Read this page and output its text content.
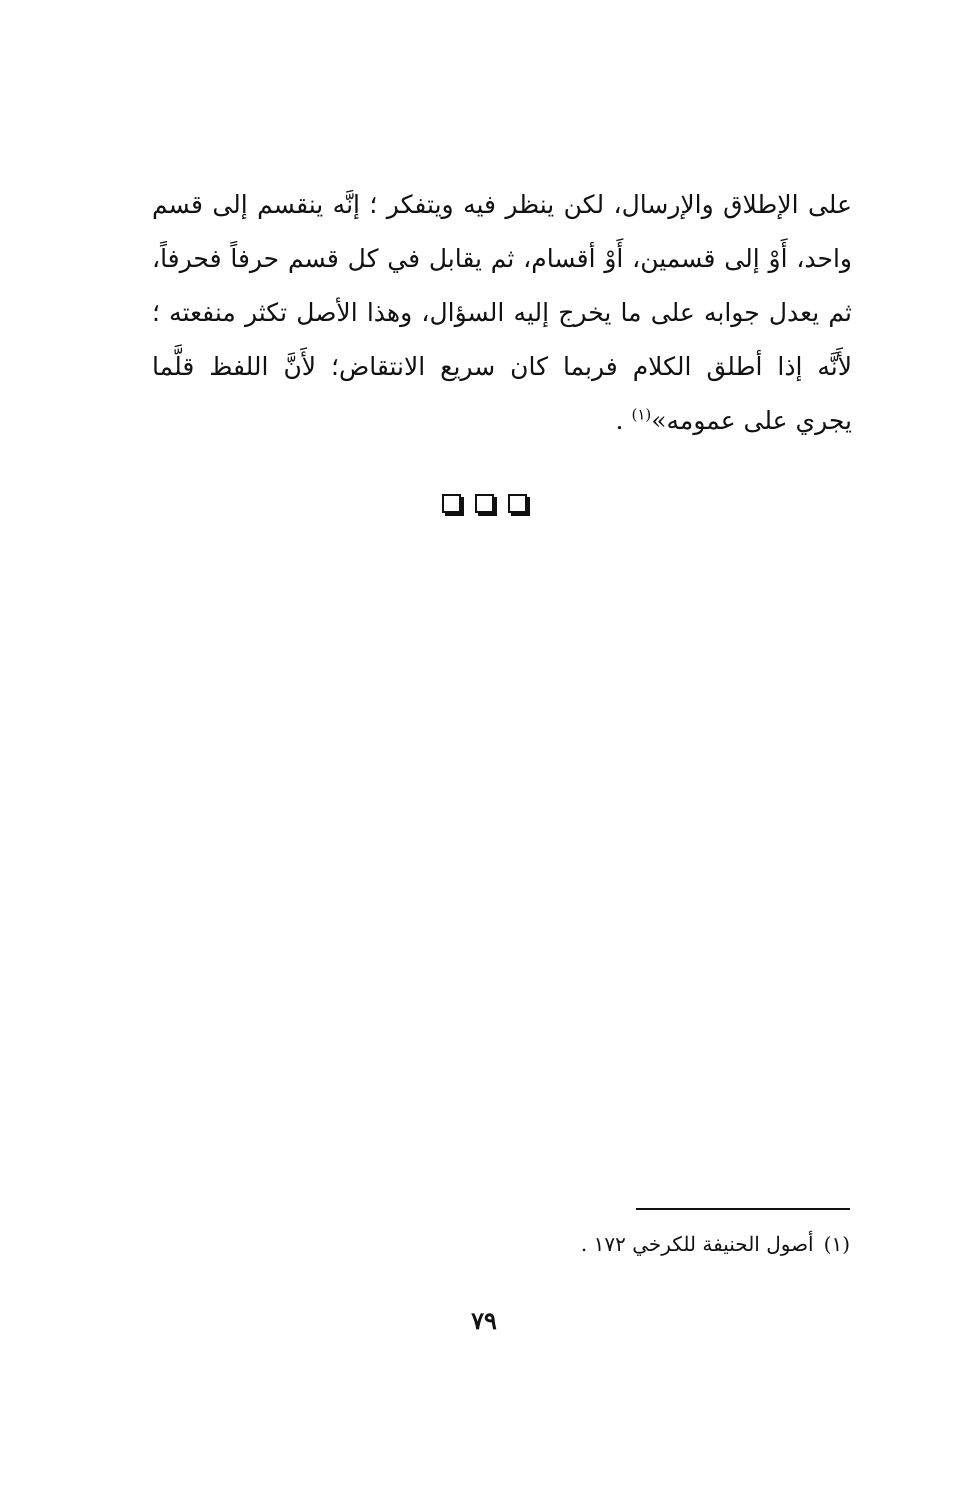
على الإطلاق والإرسال، لكن ينظر فيه ويتفكر ؛ إنَّه ينقسم إلى قسم
واحد، أَوْ إلى قسمين، أَوْ أقسام، ثم يقابل في كل قسم حرفاً فحرفاً،
ثم يعدل جوابه على ما يخرج إليه السؤال، وهذا الأصل تكثر منفعته ؛
لأَنَّه إذا أطلق الكلام فربما كان سريع الانتقاض؛ لأَنَّ اللفظ قلَّما
يجري على عمومه»$^{(١)}$ .

(١)أصول الحنيفة للكرخي ١٧٢ .
٧٩
